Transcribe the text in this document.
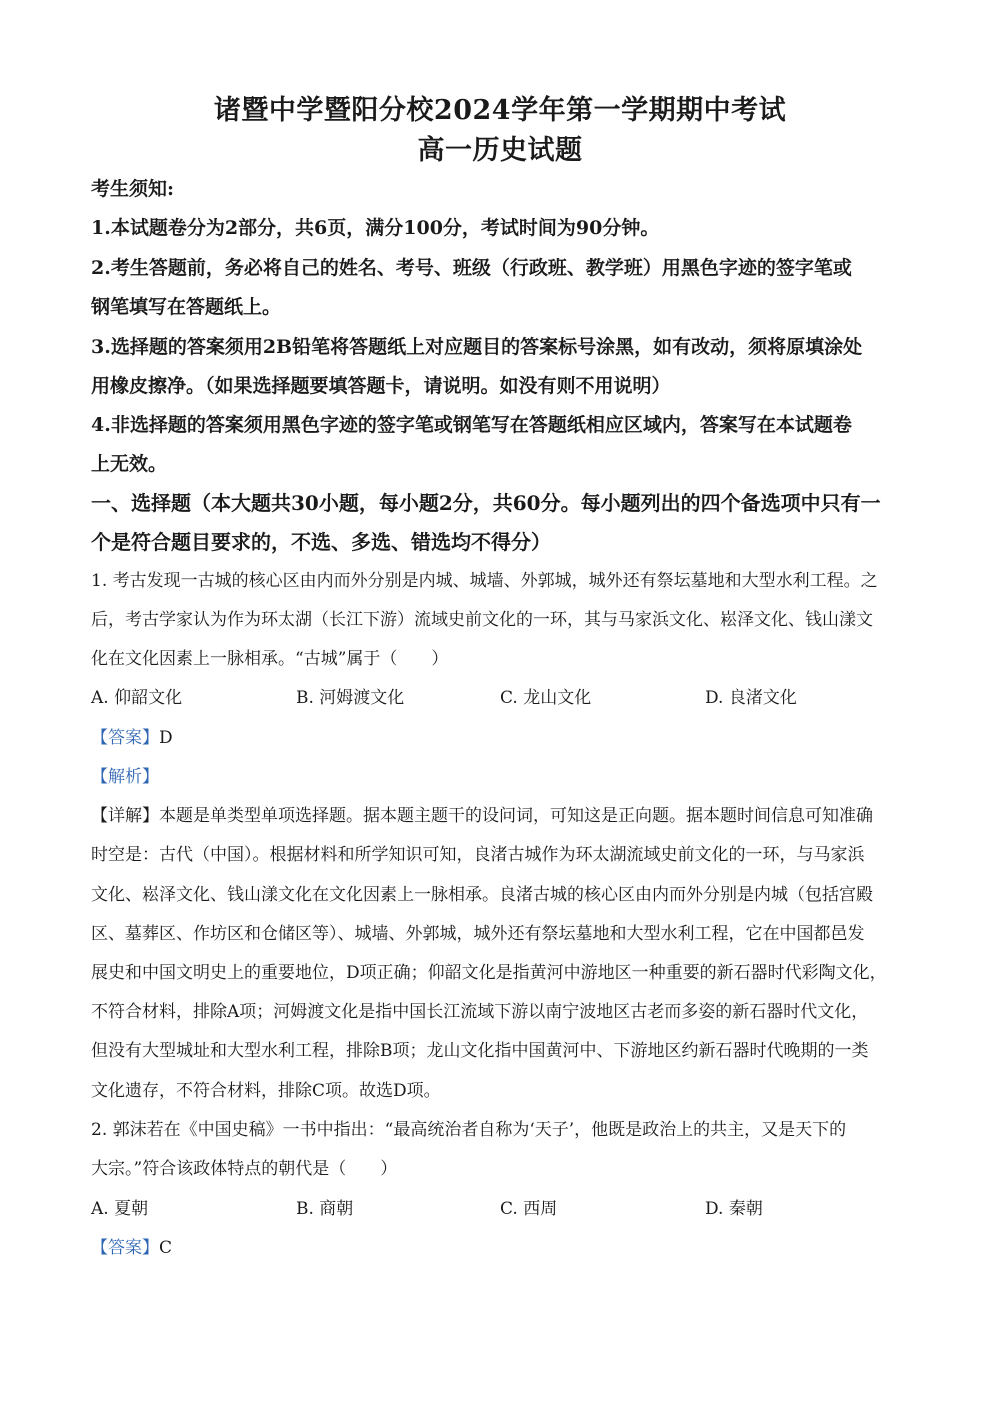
诸暨中学暨阳分校2024学年第一学期期中考试
高一历史试题
考生须知:
1.本试题卷分为2部分，共6页，满分100分，考试时间为90分钟。
2.考生答题前，务必将自己的姓名、考号、班级（行政班、教学班）用黑色字迹的签字笔或
钢笔填写在答题纸上。
3.选择题的答案须用2B铅笔将答题纸上对应题目的答案标号涂黑，如有改动，须将原填涂处
用橡皮擦净。（如果选择题要填答题卡，请说明。如没有则不用说明）
4.非选择题的答案须用黑色字迹的签字笔或钢笔写在答题纸相应区域内，答案写在本试题卷
上无效。
一、选择题（本大题共30小题，每小题2分，共60分。每小题列出的四个备选项中只有一
个是符合题目要求的，不选、多选、错选均不得分）
1. 考古发现一古城的核心区由内而外分别是内城、城墙、外郭城，城外还有祭坛墓地和大型水利工程。之
后，考古学家认为作为环太湖（长江下游）流域史前文化的一环，其与马家浜文化、崧泽文化、钱山漾文
化在文化因素上一脉相承。“古城”属于（　　）
A. 仰韶文化	B. 河姆渡文化	C. 龙山文化	D. 良渚文化
【答案】D
【解析】
【详解】本题是单类型单项选择题。据本题主题干的设问词，可知这是正向题。据本题时间信息可知准确
时空是：古代（中国）。根据材料和所学知识可知，良渚古城作为环太湖流域史前文化的一环，与马家浜
文化、崧泽文化、钱山漾文化在文化因素上一脉相承。良渚古城的核心区由内而外分别是内城（包括宫殿
区、墓葬区、作坊区和仓储区等）、城墙、外郭城，城外还有祭坛墓地和大型水利工程，它在中国都邑发
展史和中国文明史上的重要地位，D项正确；仰韶文化是指黄河中游地区一种重要的新石器时代彩陶文化，
不符合材料，排除A项；河姆渡文化是指中国长江流域下游以南宁波地区古老而多姿的新石器时代文化，
但没有大型城址和大型水利工程，排除B项；龙山文化指中国黄河中、下游地区约新石器时代晚期的一类
文化遗存，不符合材料，排除C项。故选D项。
2. 郭沫若在《中国史稿》一书中指出：“最高统治者自称为‘天子’，他既是政治上的共主，又是天下的
大宗。”符合该政体特点的朝代是（　　）
A. 夏朝	B. 商朝	C. 西周	D. 秦朝
【答案】C
